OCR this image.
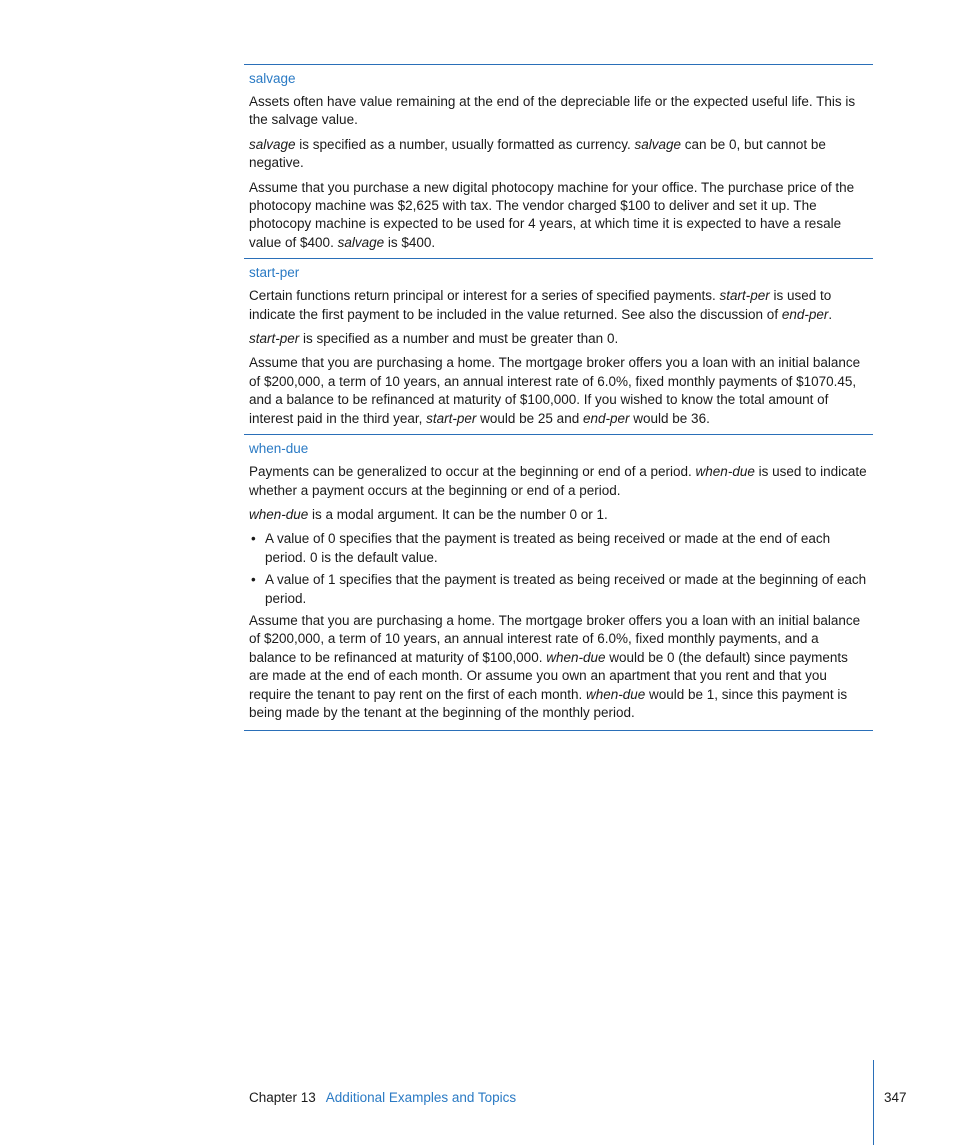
salvage

Assets often have value remaining at the end of the depreciable life or the expected useful life. This is the salvage value.

salvage is specified as a number, usually formatted as currency. salvage can be 0, but cannot be negative.

Assume that you purchase a new digital photocopy machine for your office. The purchase price of the photocopy machine was $2,625 with tax. The vendor charged $100 to deliver and set it up. The photocopy machine is expected to be used for 4 years, at which time it is expected to have a resale value of $400. salvage is $400.

start-per

Certain functions return principal or interest for a series of specified payments. start-per is used to indicate the first payment to be included in the value returned. See also the discussion of end-per.

start-per is specified as a number and must be greater than 0.

Assume that you are purchasing a home. The mortgage broker offers you a loan with an initial balance of $200,000, a term of 10 years, an annual interest rate of 6.0%, fixed monthly payments of $1070.45, and a balance to be refinanced at maturity of $100,000. If you wished to know the total amount of interest paid in the third year, start-per would be 25 and end-per would be 36.

when-due

Payments can be generalized to occur at the beginning or end of a period. when-due is used to indicate whether a payment occurs at the beginning or end of a period.

when-due is a modal argument. It can be the number 0 or 1.

• A value of 0 specifies that the payment is treated as being received or made at the end of each period. 0 is the default value.
• A value of 1 specifies that the payment is treated as being received or made at the beginning of each period.

Assume that you are purchasing a home. The mortgage broker offers you a loan with an initial balance of $200,000, a term of 10 years, an annual interest rate of 6.0%, fixed monthly payments, and a balance to be refinanced at maturity of $100,000. when-due would be 0 (the default) since payments are made at the end of each month. Or assume you own an apartment that you rent and that you require the tenant to pay rent on the first of each month. when-due would be 1, since this payment is being made by the tenant at the beginning of the monthly period.

Chapter 13 Additional Examples and Topics	347
